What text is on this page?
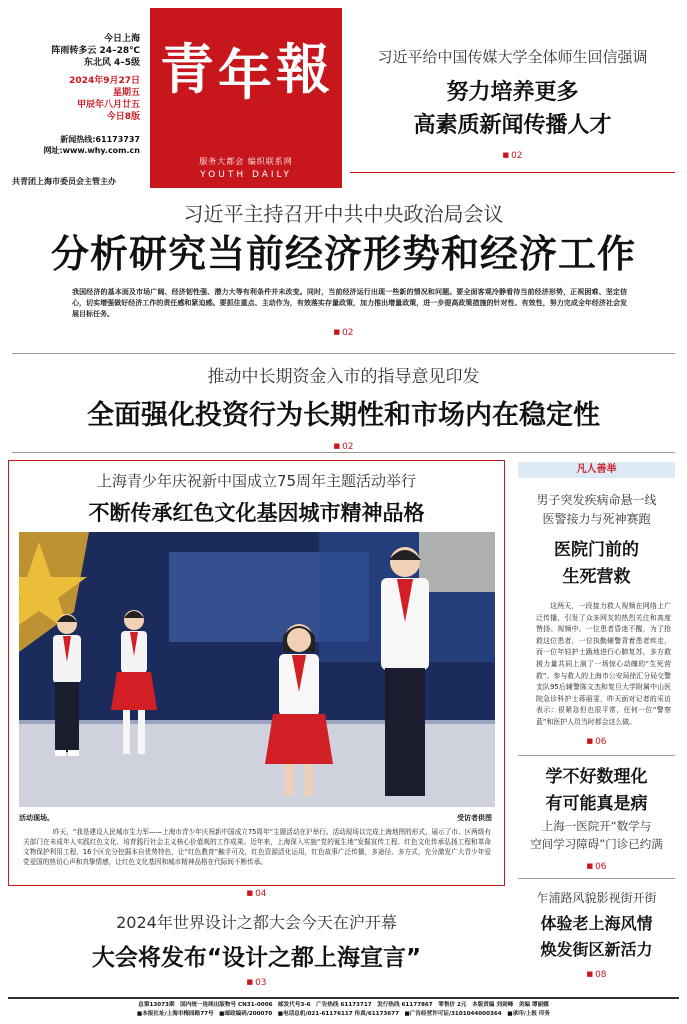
今日上海
阵雨转多云 24–28℃
东北风 4–5级
2024年9月27日
星期五
甲辰年八月廿五
今日8版
新闻热线:61173737
网址:www.why.com.cn
共青团上海市委员会主管主办
青 年 報
服务大都会 编织联系网
YOUTH DAILY
习近平给中国传媒大学全体师生回信强调
努力培养更多
高素质新闻传播人才
■ 02
习近平主持召开中共中央政治局会议
分析研究当前经济形势和经济工作
我国经济的基本面及市场广阔、经济韧性强、潜力大等有利条件并未改变。同时，当前经济运行出现一些新的情况和问题。要全面客观冷静看待当前经济形势，正视困难、坚定信心，切实增强做好经济工作的责任感和紧迫感。要抓住重点、主动作为，有效落实存量政策，加力推出增量政策，进一步提高政策措施的针对性、有效性，努力完成全年经济社会发展目标任务。
■ 02
推动中长期资金入市的指导意见印发
全面强化投资行为长期性和市场内在稳定性
■ 02
上海青少年庆祝新中国成立75周年主题活动举行
不断传承红色文化基因城市精神品格
活动现场。	受访者供图
昨天，“我是建设人民城市生力军——上海市青少年庆祝新中国成立75周年”主题活动在沪举行。活动现场以完成上海地图的形式，展示了市、区两级有关部门在未成年人实践红色文化、培育践行社会主义核心价值观的工作成果。近年来，上海深入实施“党的诞生地”发掘宣传工程、红色文化传承弘扬工程和革命文物保护利用工程，16个区充分挖掘本自优势特色，让“红色教育”触手可及，红色资源活化运用，红色故事广泛传播，多途径、多方式，充分激发广大青少年爱党爱国的热切心声和真挚情感，让红色文化基因和城市精神品格在代际间不断传承。
■ 04
2024年世界设计之都大会今天在沪开幕
大会将发布“设计之都上海宣言”
■ 03
凡人善举
男子突发疾病命悬一线
医警接力与死神赛跑
医院门前的
生死营救
这两天，一段接力救人视频在网络上广泛传播，引发了众多网友的热烈关注和高度赞扬。视频中，一位患者昏迷不醒，为了抢救这位患者，一位执勤辅警背着患者疾走，而一位年轻护士跪地进行心肺复苏，多方救援力量共同上演了一场惊心动魄的“生死营救”。参与救人的上海市公安局徐汇分局交警支队95后辅警陈文杰和复旦大学附属中山医院急诊科护士蒋丽雯，昨天面对记者的采访表示：很紧急但也很平常，任何一位“警察蓝”和医护人员当时都会这么做。
■ 06
学不好数理化
有可能真是病
上海一医院开“数学与
空间学习障碍”门诊已约满
■ 06
乍浦路风貌影视街开街
体验老上海风情
焕发街区新活力
■ 08
总第13073期　国内统一连续出版物号 CN31-0006　邮发代号3-6　广告热线 61173717　发行热线 61177867　零售价 2元　本版责编 刘剑峰　美编 谭丽娜
■本报社址/上海市梅园路77号　■邮政编码/200070　■电话总机/021-61176117 传真/61173677　■广告经营许可证/3101044000364　■承印/上报 印务
